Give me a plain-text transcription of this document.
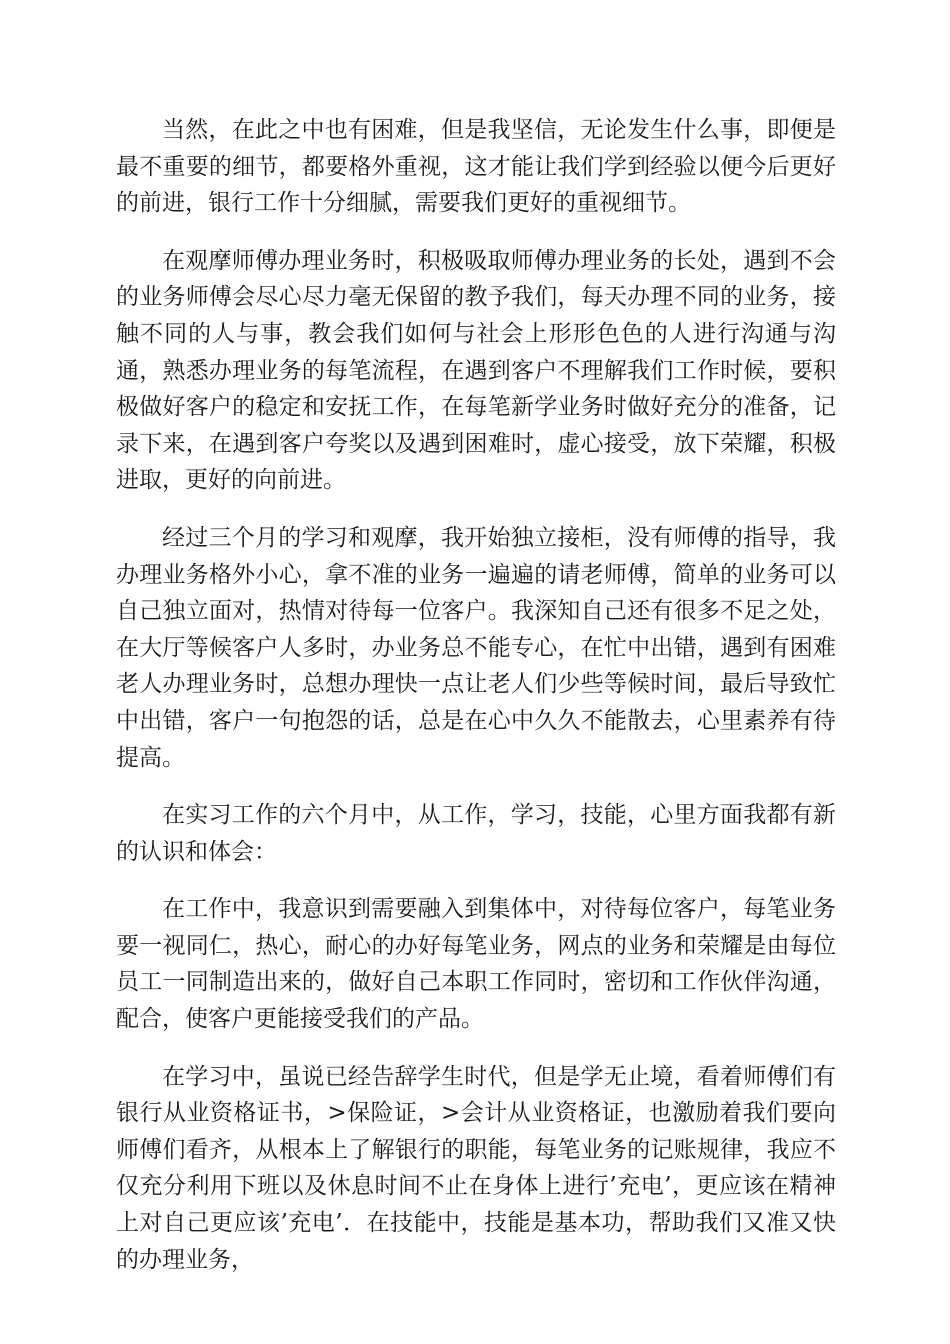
当然，在此之中也有困难，但是我坚信，无论发生什么事，即便是最不重要的细节，都要格外重视，这才能让我们学到经验以便今后更好的前进，银行工作十分细腻，需要我们更好的重视细节。

在观摩师傅办理业务时，积极吸取师傅办理业务的长处，遇到不会的业务师傅会尽心尽力毫无保留的教予我们，每天办理不同的业务，接触不同的人与事，教会我们如何与社会上形形色色的人进行沟通与沟通，熟悉办理业务的每笔流程，在遇到客户不理解我们工作时候，要积极做好客户的稳定和安抚工作，在每笔新学业务时做好充分的准备，记录下来，在遇到客户夸奖以及遇到困难时，虚心接受，放下荣耀，积极进取，更好的向前进。

经过三个月的学习和观摩，我开始独立接柜，没有师傅的指导，我办理业务格外小心，拿不准的业务一遍遍的请老师傅，简单的业务可以自己独立面对，热情对待每一位客户。我深知自己还有很多不足之处，在大厅等候客户人多时，办业务总不能专心，在忙中出错，遇到有困难老人办理业务时，总想办理快一点让老人们少些等候时间，最后导致忙中出错，客户一句抱怨的话，总是在心中久久不能散去，心里素养有待提高。

在实习工作的六个月中，从工作，学习，技能，心里方面我都有新的认识和体会：

在工作中，我意识到需要融入到集体中，对待每位客户，每笔业务要一视同仁，热心，耐心的办好每笔业务，网点的业务和荣耀是由每位员工一同制造出来的，做好自己本职工作同时，密切和工作伙伴沟通，配合，使客户更能接受我们的产品。

在学习中，虽说已经告辞学生时代，但是学无止境，看着师傅们有银行从业资格证书，>保险证，>会计从业资格证，也激励着我们要向师傅们看齐，从根本上了解银行的职能，每笔业务的记账规律，我应不仅充分利用下班以及休息时间不止在身体上进行’充电’，更应该在精神上对自己更应该’充电’．在技能中，技能是基本功，帮助我们又准又快的办理业务，
